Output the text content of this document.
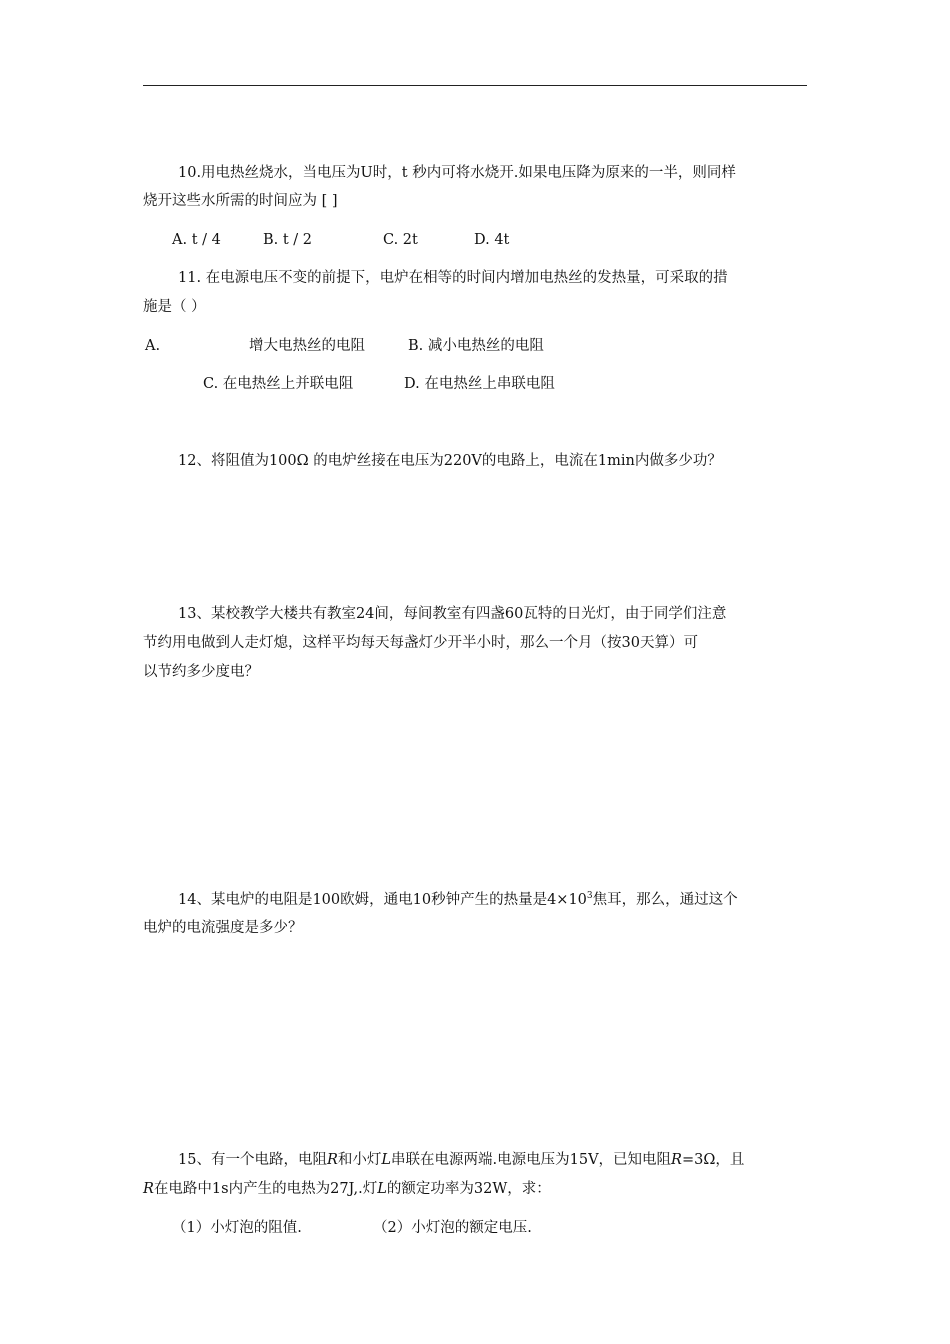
10.用电热丝烧水，当电压为U时，t 秒内可将水烧开.如果电压降为原来的一半，则同样
烧开这些水所需的时间应为 [ ]
A. t / 4	B. t / 2	C. 2t	D. 4t
11. 在电源电压不变的前提下，电炉在相等的时间内增加电热丝的发热量，可采取的措
施是（ ）
A.	增大电热丝的电阻	B. 减小电热丝的电阻
C. 在电热丝上并联电阻	D. 在电热丝上串联电阻
12、将阻值为100Ω 的电炉丝接在电压为220V的电路上，电流在1min内做多少功？
13、某校教学大楼共有教室24间，每间教室有四盏60瓦特的日光灯，由于同学们注意
节约用电做到人走灯熄，这样平均每天每盏灯少开半小时，那么一个月（按30天算）可
以节约多少度电？
14、某电炉的电阻是100欧姆，通电10秒钟产生的热量是$4\times 10^3$焦耳，那么，通过这个
电炉的电流强度是多少？
15、有一个电路，电阻R和小灯L串联在电源两端.电源电压为15V，已知电阻R=3Ω，且
R在电路中1s内产生的电热为27J,.灯L的额定功率为32W，求：
（1）小灯泡的阻值.	（2）小灯泡的额定电压.
